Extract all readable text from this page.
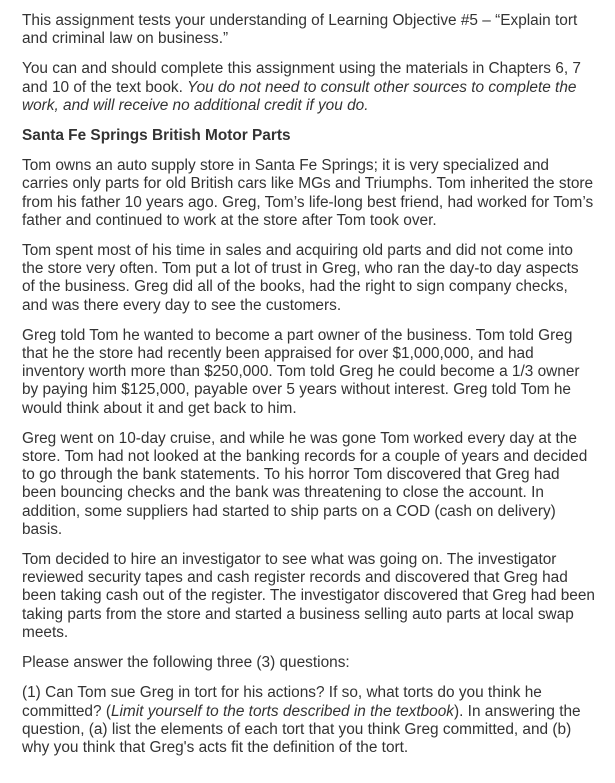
This assignment tests your understanding of Learning Objective #5 – “Explain tort and criminal law on business.”

You can and should complete this assignment using the materials in Chapters 6, 7 and 10 of the text book. You do not need to consult other sources to complete the work, and will receive no additional credit if you do.

Santa Fe Springs British Motor Parts

Tom owns an auto supply store in Santa Fe Springs; it is very specialized and carries only parts for old British cars like MGs and Triumphs. Tom inherited the store from his father 10 years ago. Greg, Tom’s life-long best friend, had worked for Tom’s father and continued to work at the store after Tom took over.

Tom spent most of his time in sales and acquiring old parts and did not come into the store very often. Tom put a lot of trust in Greg, who ran the day-to day aspects of the business. Greg did all of the books, had the right to sign company checks, and was there every day to see the customers.

Greg told Tom he wanted to become a part owner of the business. Tom told Greg that he the store had recently been appraised for over $1,000,000, and had inventory worth more than $250,000. Tom told Greg he could become a 1/3 owner by paying him $125,000, payable over 5 years without interest. Greg told Tom he would think about it and get back to him.

Greg went on 10-day cruise, and while he was gone Tom worked every day at the store. Tom had not looked at the banking records for a couple of years and decided to go through the bank statements. To his horror Tom discovered that Greg had been bouncing checks and the bank was threatening to close the account. In addition, some suppliers had started to ship parts on a COD (cash on delivery) basis.

Tom decided to hire an investigator to see what was going on. The investigator reviewed security tapes and cash register records and discovered that Greg had been taking cash out of the register. The investigator discovered that Greg had been taking parts from the store and started a business selling auto parts at local swap meets.

Please answer the following three (3) questions:

(1) Can Tom sue Greg in tort for his actions? If so, what torts do you think he committed? (Limit yourself to the torts described in the textbook). In answering the question, (a) list the elements of each tort that you think Greg committed, and (b) why you think that Greg's acts fit the definition of the tort.
